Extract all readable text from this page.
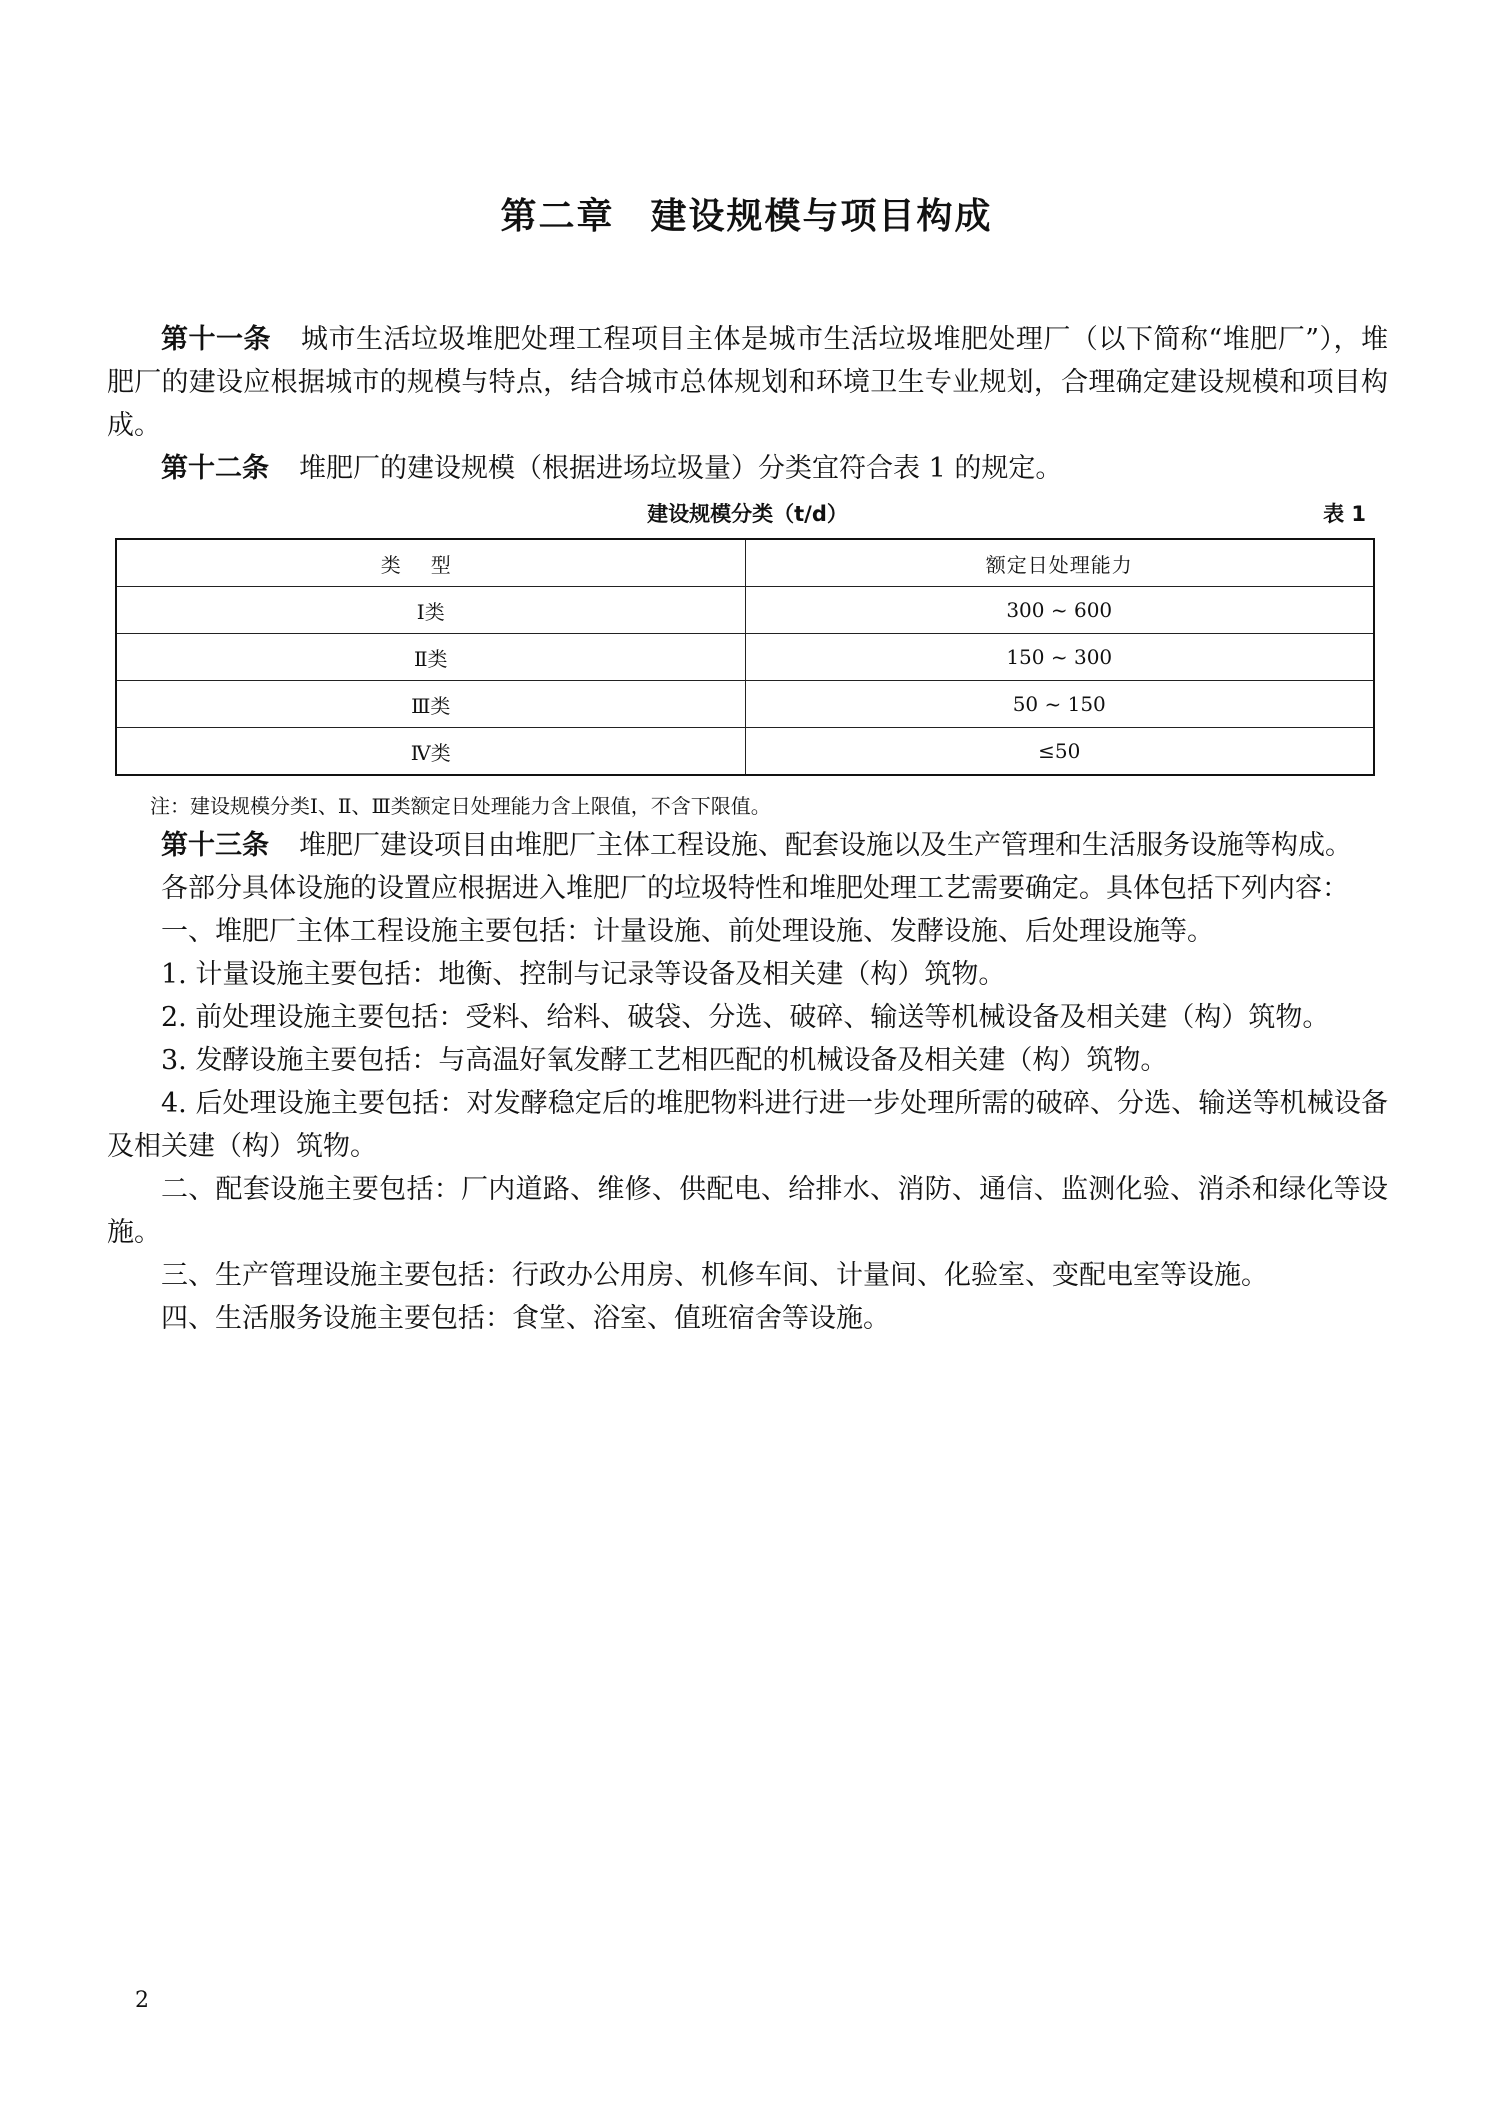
第二章 建设规模与项目构成

第十一条 城市生活垃圾堆肥处理工程项目主体是城市生活垃圾堆肥处理厂（以下简称“堆肥厂”），堆肥厂的建设应根据城市的规模与特点，结合城市总体规划和环境卫生专业规划，合理确定建设规模和项目构成。

第十二条 堆肥厂的建设规模（根据进场垃圾量）分类宜符合表 1 的规定。

建设规模分类（t/d）	表 1
类型	额定日处理能力
Ⅰ类	300 ~ 600
Ⅱ类	150 ~ 300
Ⅲ类	50 ~ 150
Ⅳ类	≤50
注：建设规模分类Ⅰ、Ⅱ、Ⅲ类额定日处理能力含上限值，不含下限值。

第十三条 堆肥厂建设项目由堆肥厂主体工程设施、配套设施以及生产管理和生活服务设施等构成。

各部分具体设施的设置应根据进入堆肥厂的垃圾特性和堆肥处理工艺需要确定。具体包括下列内容：

一、堆肥厂主体工程设施主要包括：计量设施、前处理设施、发酵设施、后处理设施等。

1. 计量设施主要包括：地衡、控制与记录等设备及相关建（构）筑物。

2. 前处理设施主要包括：受料、给料、破袋、分选、破碎、输送等机械设备及相关建（构）筑物。

3. 发酵设施主要包括：与高温好氧发酵工艺相匹配的机械设备及相关建（构）筑物。

4. 后处理设施主要包括：对发酵稳定后的堆肥物料进行进一步处理所需的破碎、分选、输送等机械设备及相关建（构）筑物。

二、配套设施主要包括：厂内道路、维修、供配电、给排水、消防、通信、监测化验、消杀和绿化等设施。

三、生产管理设施主要包括：行政办公用房、机修车间、计量间、化验室、变配电室等设施。

四、生活服务设施主要包括：食堂、浴室、值班宿舍等设施。

2
